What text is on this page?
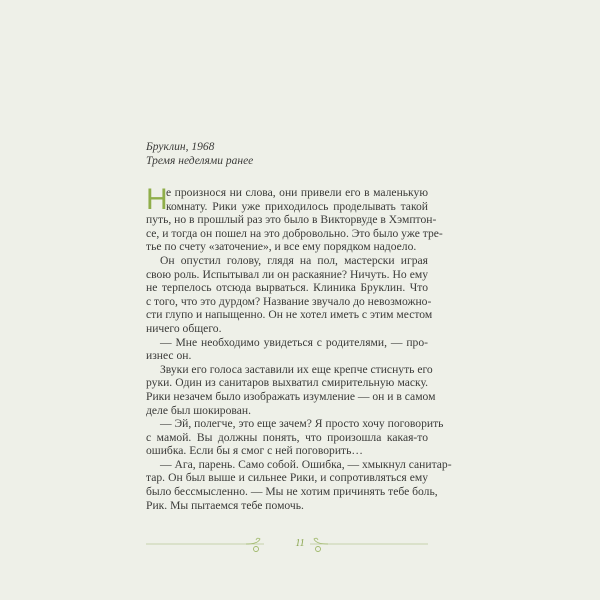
Бруклин, 1968
Тремя неделями ранее
Н
е произнося ни слова, они привели его в маленькую
комнату. Рики уже приходилось проделывать такой
путь, но в прошлый раз это было в Викторвуде в Хэмптон-
се, и тогда он пошел на это добровольно. Это было уже тре-
тье по счету «заточение», и все ему порядком надоело.
Он опустил голову, глядя на пол, мастерски играя
свою роль. Испытывал ли он раскаяние? Ничуть. Но ему
не терпелось отсюда вырваться. Клиника Бруклин. Что
с того, что это дурдом? Название звучало до невозможно-
сти глупо и напыщенно. Он не хотел иметь с этим местом
ничего общего.
— Мне необходимо увидеться с родителями, — про-
изнес он.
Звуки его голоса заставили их еще крепче стиснуть его
руки. Один из санитаров выхватил смирительную маску.
Рики незачем было изображать изумление — он и в самом
деле был шокирован.
— Эй, полегче, это еще зачем? Я просто хочу поговорить
с мамой. Вы должны понять, что произошла какая-то
ошибка. Если бы я смог с ней поговорить…
— Ага, парень. Само собой. Ошибка, — хмыкнул санитар-
тар. Он был выше и сильнее Рики, и сопротивляться ему
было бессмысленно. — Мы не хотим причинять тебе боль,
Рик. Мы пытаемся тебе помочь.
11
